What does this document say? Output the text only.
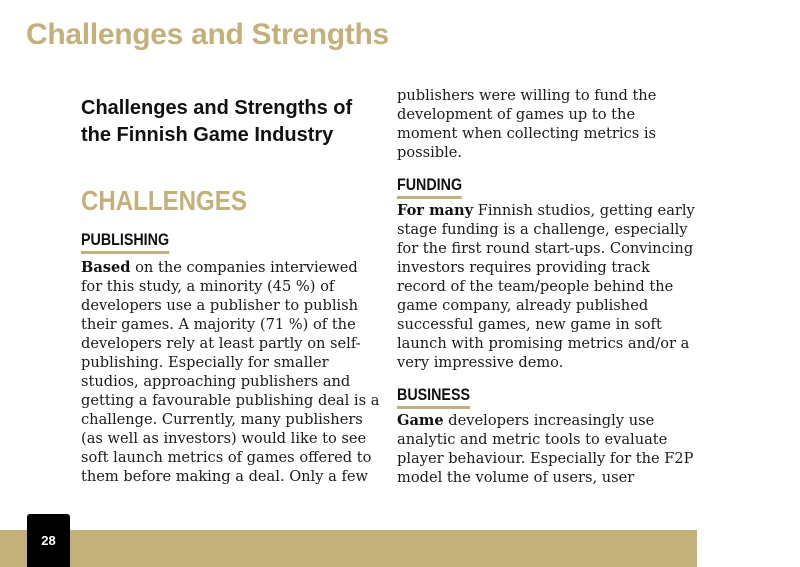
Challenges and Strengths
Challenges and Strengths of the Finnish Game Industry
CHALLENGES
PUBLISHING

Based on the companies interviewed for this study, a minority (45 %) of developers use a publisher to publish their games. A majority (71 %) of the developers rely at least partly on self-publishing. Especially for smaller studios, approaching publishers and getting a favourable publishing deal is a challenge. Currently, many publishers (as well as investors) would like to see soft launch metrics of games offered to them before making a deal. Only a few

publishers were willing to fund the development of games up to the moment when collecting metrics is possible.

FUNDING

For many Finnish studios, getting early stage funding is a challenge, especially for the first round start-ups. Convincing investors requires providing track record of the team/people behind the game company, already published successful games, new game in soft launch with promising metrics and/or a very impressive demo.

BUSINESS

Game developers increasingly use analytic and metric tools to evaluate player behaviour. Especially for the F2P model the volume of users, user

28
